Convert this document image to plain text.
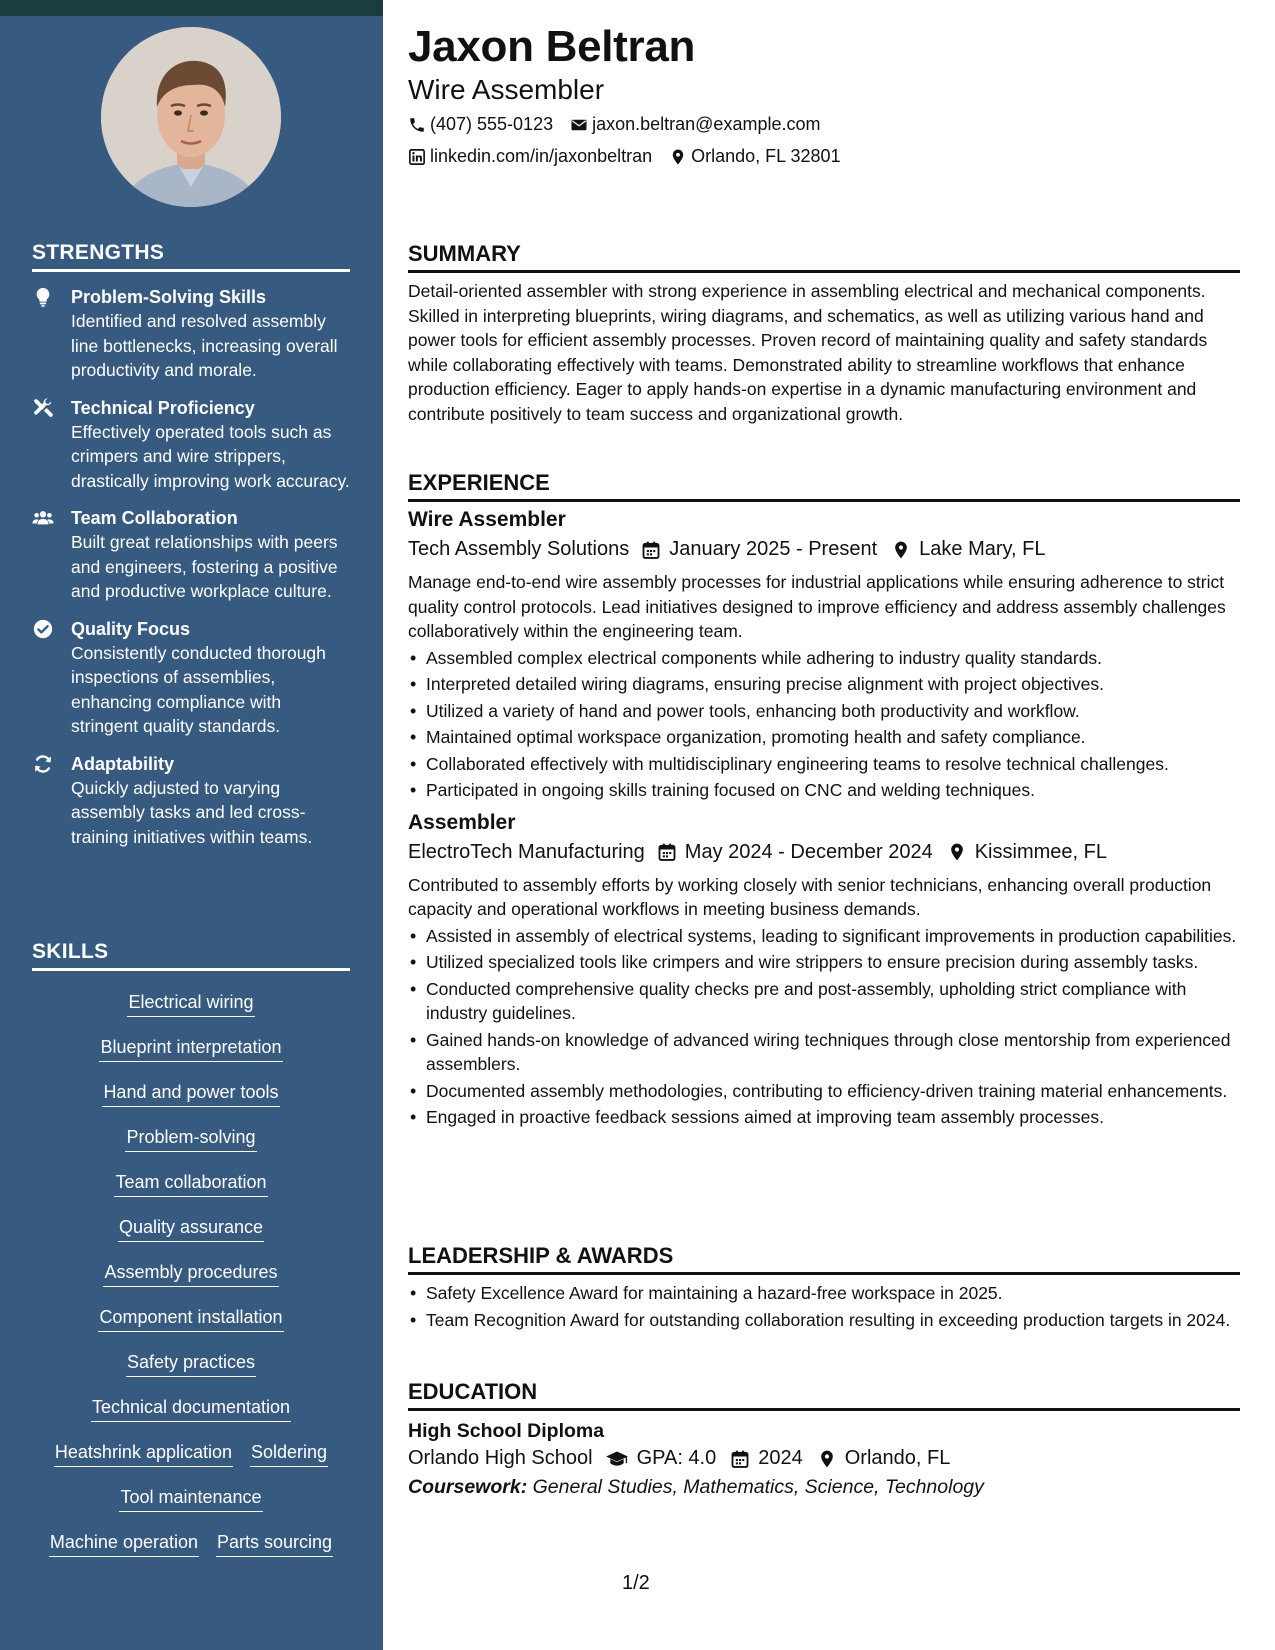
STRENGTHS
Problem-Solving Skills
Identified and resolved assembly line bottlenecks, increasing overall productivity and morale.
Technical Proficiency
Effectively operated tools such as crimpers and wire strippers, drastically improving work accuracy.
Team Collaboration
Built great relationships with peers and engineers, fostering a positive and productive workplace culture.
Quality Focus
Consistently conducted thorough inspections of assemblies, enhancing compliance with stringent quality standards.
Adaptability
Quickly adjusted to varying assembly tasks and led cross-training initiatives within teams.
SKILLS
Electrical wiring
Blueprint interpretation
Hand and power tools
Problem-solving
Team collaboration
Quality assurance
Assembly procedures
Component installation
Safety practices
Technical documentation
Heatshrink application Soldering
Tool maintenance
Machine operation Parts sourcing
Jaxon Beltran
Wire Assembler
(407) 555-0123 jaxon.beltran@example.com
linkedin.com/in/jaxonbeltran Orlando, FL 32801
SUMMARY
Detail-oriented assembler with strong experience in assembling electrical and mechanical components. Skilled in interpreting blueprints, wiring diagrams, and schematics, as well as utilizing various hand and power tools for efficient assembly processes. Proven record of maintaining quality and safety standards while collaborating effectively with teams. Demonstrated ability to streamline workflows that enhance production efficiency. Eager to apply hands-on expertise in a dynamic manufacturing environment and contribute positively to team success and organizational growth.
EXPERIENCE
Wire Assembler
Tech Assembly Solutions January 2025 - Present Lake Mary, FL
Manage end-to-end wire assembly processes for industrial applications while ensuring adherence to strict quality control protocols. Lead initiatives designed to improve efficiency and address assembly challenges collaboratively within the engineering team.
• Assembled complex electrical components while adhering to industry quality standards.
• Interpreted detailed wiring diagrams, ensuring precise alignment with project objectives.
• Utilized a variety of hand and power tools, enhancing both productivity and workflow.
• Maintained optimal workspace organization, promoting health and safety compliance.
• Collaborated effectively with multidisciplinary engineering teams to resolve technical challenges.
• Participated in ongoing skills training focused on CNC and welding techniques.
Assembler
ElectroTech Manufacturing May 2024 - December 2024 Kissimmee, FL
Contributed to assembly efforts by working closely with senior technicians, enhancing overall production capacity and operational workflows in meeting business demands.
• Assisted in assembly of electrical systems, leading to significant improvements in production capabilities.
• Utilized specialized tools like crimpers and wire strippers to ensure precision during assembly tasks.
• Conducted comprehensive quality checks pre and post-assembly, upholding strict compliance with industry guidelines.
• Gained hands-on knowledge of advanced wiring techniques through close mentorship from experienced assemblers.
• Documented assembly methodologies, contributing to efficiency-driven training material enhancements.
• Engaged in proactive feedback sessions aimed at improving team assembly processes.
LEADERSHIP & AWARDS
• Safety Excellence Award for maintaining a hazard-free workspace in 2025.
• Team Recognition Award for outstanding collaboration resulting in exceeding production targets in 2024.
EDUCATION
High School Diploma
Orlando High School GPA: 4.0 2024 Orlando, FL
Coursework: General Studies, Mathematics, Science, Technology
1/2
